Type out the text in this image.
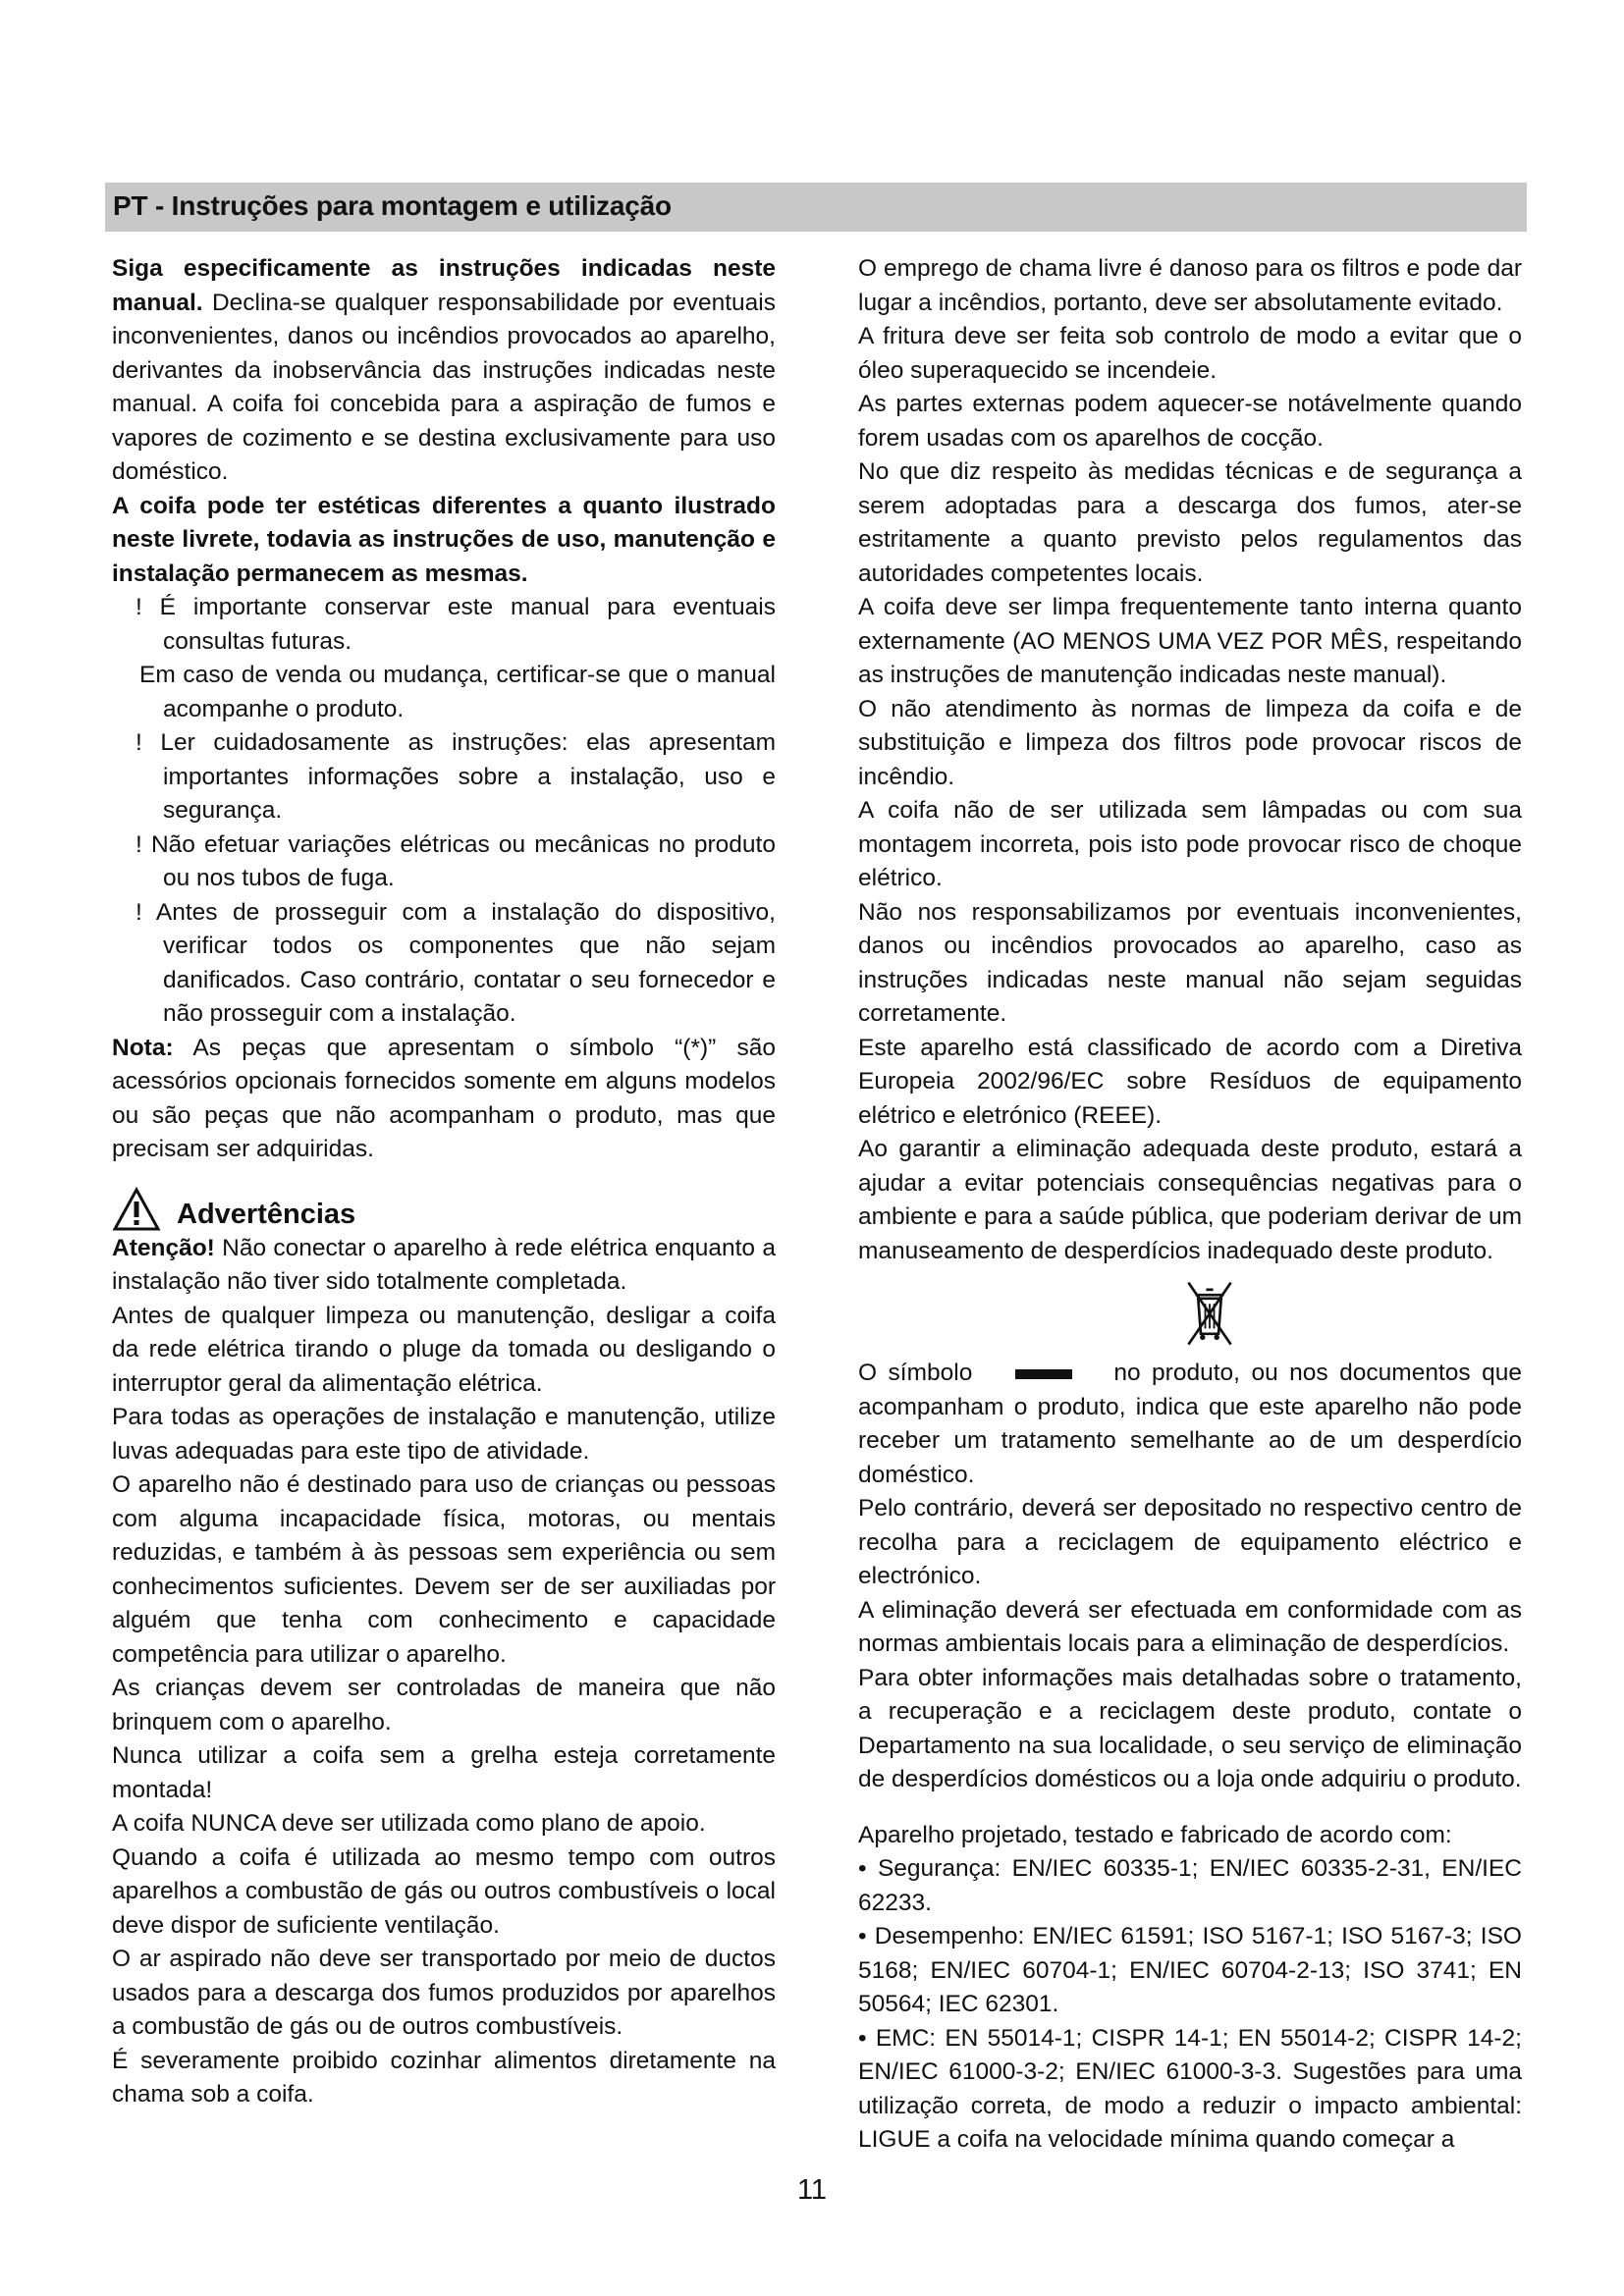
PT - Instruções para montagem e utilização

Siga especificamente as instruções indicadas neste manual. Declina-se qualquer responsabilidade por eventuais inconvenientes, danos ou incêndios provocados ao aparelho, derivantes da inobservância das instruções indicadas neste manual. A coifa foi concebida para a aspiração de fumos e vapores de cozimento e se destina exclusivamente para uso doméstico.

A coifa pode ter estéticas diferentes a quanto ilustrado neste livrete, todavia as instruções de uso, manutenção e instalação permanecem as mesmas.

! É importante conservar este manual para eventuais consultas futuras.

Em caso de venda ou mudança, certificar-se que o manual acompanhe o produto.

! Ler cuidadosamente as instruções: elas apresentam importantes informações sobre a instalação, uso e segurança.

! Não efetuar variações elétricas ou mecânicas no produto ou nos tubos de fuga.

! Antes de prosseguir com a instalação do dispositivo, verificar todos os componentes que não sejam danificados. Caso contrário, contatar o seu fornecedor e não prosseguir com a instalação.

Nota: As peças que apresentam o símbolo “(*)” são acessórios opcionais fornecidos somente em alguns modelos ou são peças que não acompanham o produto, mas que precisam ser adquiridas.

Advertências

Atenção! Não conectar o aparelho à rede elétrica enquanto a instalação não tiver sido totalmente completada.

Antes de qualquer limpeza ou manutenção, desligar a coifa da rede elétrica tirando o pluge da tomada ou desligando o interruptor geral da alimentação elétrica.

Para todas as operações de instalação e manutenção, utilize luvas adequadas para este tipo de atividade.

O aparelho não é destinado para uso de crianças ou pessoas com alguma incapacidade física, motoras, ou mentais reduzidas, e também à às pessoas sem experiência ou sem conhecimentos suficientes. Devem ser de ser auxiliadas por alguém que tenha com conhecimento e capacidade competência para utilizar o aparelho.

As crianças devem ser controladas de maneira que não brinquem com o aparelho.

Nunca utilizar a coifa sem a grelha esteja corretamente montada!

A coifa NUNCA deve ser utilizada como plano de apoio.

Quando a coifa é utilizada ao mesmo tempo com outros aparelhos a combustão de gás ou outros combustíveis o local deve dispor de suficiente ventilação.

O ar aspirado não deve ser transportado por meio de ductos usados para a descarga dos fumos produzidos por aparelhos a combustão de gás ou de outros combustíveis.

É severamente proibido cozinhar alimentos diretamente na chama sob a coifa.

O emprego de chama livre é danoso para os filtros e pode dar lugar a incêndios, portanto, deve ser absolutamente evitado.

A fritura deve ser feita sob controlo de modo a evitar que o óleo superaquecido se incendeie.

As partes externas podem aquecer-se notávelmente quando forem usadas com os aparelhos de cocção.

No que diz respeito às medidas técnicas e de segurança a serem adoptadas para a descarga dos fumos, ater-se estritamente a quanto previsto pelos regulamentos das autoridades competentes locais.

A coifa deve ser limpa frequentemente tanto interna quanto externamente (AO MENOS UMA VEZ POR MÊS, respeitando as instruções de manutenção indicadas neste manual).

O não atendimento às normas de limpeza da coifa e de substituição e limpeza dos filtros pode provocar riscos de incêndio.

A coifa não de ser utilizada sem lâmpadas ou com sua montagem incorreta, pois isto pode provocar risco de choque elétrico.

Não nos responsabilizamos por eventuais inconvenientes, danos ou incêndios provocados ao aparelho, caso as instruções indicadas neste manual não sejam seguidas corretamente.

Este aparelho está classificado de acordo com a Diretiva Europeia 2002/96/EC sobre Resíduos de equipamento elétrico e eletrónico (REEE).

Ao garantir a eliminação adequada deste produto, estará a ajudar a evitar potenciais consequências negativas para o ambiente e para a saúde pública, que poderiam derivar de um manuseamento de desperdícios inadequado deste produto.

O símbolo	no produto, ou nos documentos que acompanham o produto, indica que este aparelho não pode receber um tratamento semelhante ao de um desperdício doméstico.

Pelo contrário, deverá ser depositado no respectivo centro de recolha para a reciclagem de equipamento eléctrico e electrónico.

A eliminação deverá ser efectuada em conformidade com as normas ambientais locais para a eliminação de desperdícios.

Para obter informações mais detalhadas sobre o tratamento, a recuperação e a reciclagem deste produto, contate o Departamento na sua localidade, o seu serviço de eliminação de desperdícios domésticos ou a loja onde adquiriu o produto.

Aparelho projetado, testado e fabricado de acordo com:

• Segurança: EN/IEC 60335-1; EN/IEC 60335-2-31, EN/IEC 62233.

• Desempenho: EN/IEC 61591; ISO 5167-1; ISO 5167-3; ISO 5168; EN/IEC 60704-1; EN/IEC 60704-2-13; ISO 3741; EN 50564; IEC 62301.

• EMC: EN 55014-1; CISPR 14-1; EN 55014-2; CISPR 14-2; EN/IEC 61000-3-2; EN/IEC 61000-3-3. Sugestões para uma utilização correta, de modo a reduzir o impacto ambiental: LIGUE a coifa na velocidade mínima quando começar a

11
